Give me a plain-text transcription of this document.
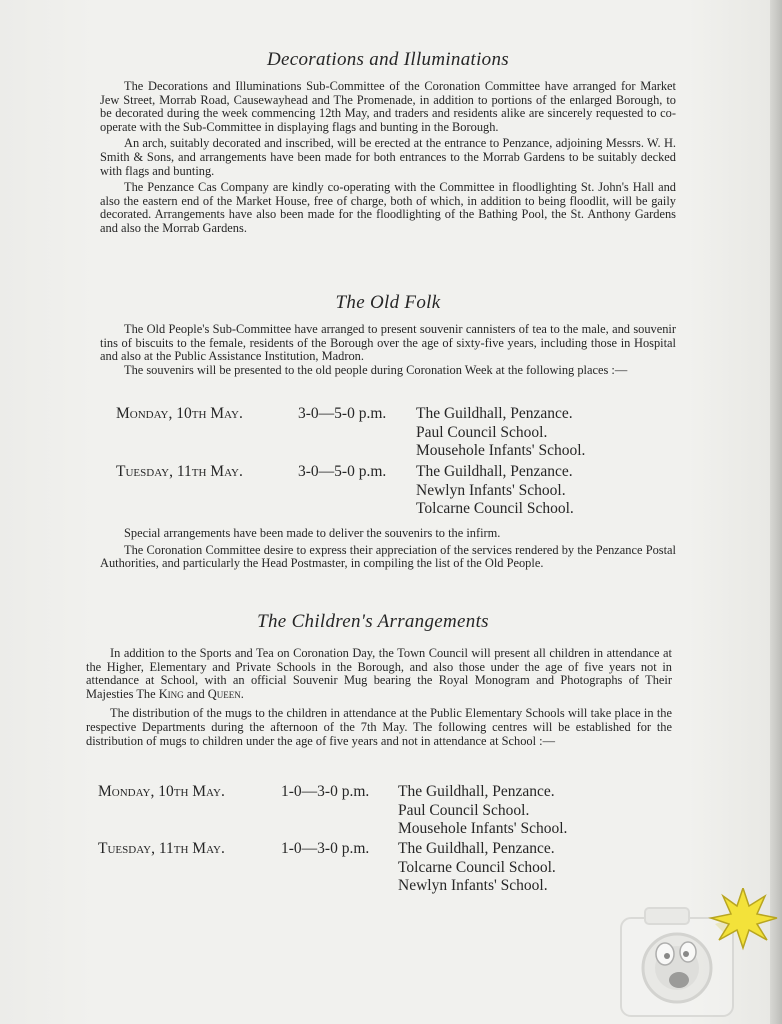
Decorations and Illuminations

The Decorations and Illuminations Sub-Committee of the Coronation Committee have arranged for Market Jew Street, Morrab Road, Causewayhead and The Promenade, in addition to portions of the enlarged Borough, to be decorated during the week commencing 12th May, and traders and residents alike are sincerely requested to co-operate with the Sub-Committee in displaying flags and bunting in the Borough.

An arch, suitably decorated and inscribed, will be erected at the entrance to Penzance, adjoining Messrs. W. H. Smith & Sons, and arrangements have been made for both entrances to the Morrab Gardens to be suitably decked with flags and bunting.

The Penzance Cas Company are kindly co-operating with the Committee in floodlighting St. John's Hall and also the eastern end of the Market House, free of charge, both of which, in addition to being floodlit, will be gaily decorated. Arrangements have also been made for the floodlighting of the Bathing Pool, the St. Anthony Gardens and also the Morrab Gardens.

The Old Folk

The Old People's Sub-Committee have arranged to present souvenir cannisters of tea to the male, and souvenir tins of biscuits to the female, residents of the Borough over the age of sixty-five years, including those in Hospital and also at the Public Assistance Institution, Madron.

The souvenirs will be presented to the old people during Coronation Week at the following places :—

Monday, 10th May.	3-0—5-0 p.m. The Guildhall, Penzance.
Paul Council School.
Mousehole Infants' School.
Tuesday, 11th May.	3-0—5-0 p.m. The Guildhall, Penzance.
Newlyn Infants' School.
Tolcarne Council School.

Special arrangements have been made to deliver the souvenirs to the infirm.

The Coronation Committee desire to express their appreciation of the services rendered by the Penzance Postal Authorities, and particularly the Head Postmaster, in compiling the list of the Old People.

The Children's Arrangements

In addition to the Sports and Tea on Coronation Day, the Town Council will present all children in attendance at the Higher, Elementary and Private Schools in the Borough, and also those under the age of five years not in attendance at School, with an official Souvenir Mug bearing the Royal Monogram and Photographs of Their Majesties The King and Queen.

The distribution of the mugs to the children in attendance at the Public Elementary Schools will take place in the respective Departments during the afternoon of the 7th May. The following centres will be established for the distribution of mugs to children under the age of five years and not in attendance at School :—

Monday, 10th May.	1-0—3-0 p.m. The Guildhall, Penzance.
Paul Council School.
Mousehole Infants' School.
Tuesday, 11th May.	1-0—3-0 p.m. The Guildhall, Penzance.
Tolcarne Council School.
Newlyn Infants' School.
